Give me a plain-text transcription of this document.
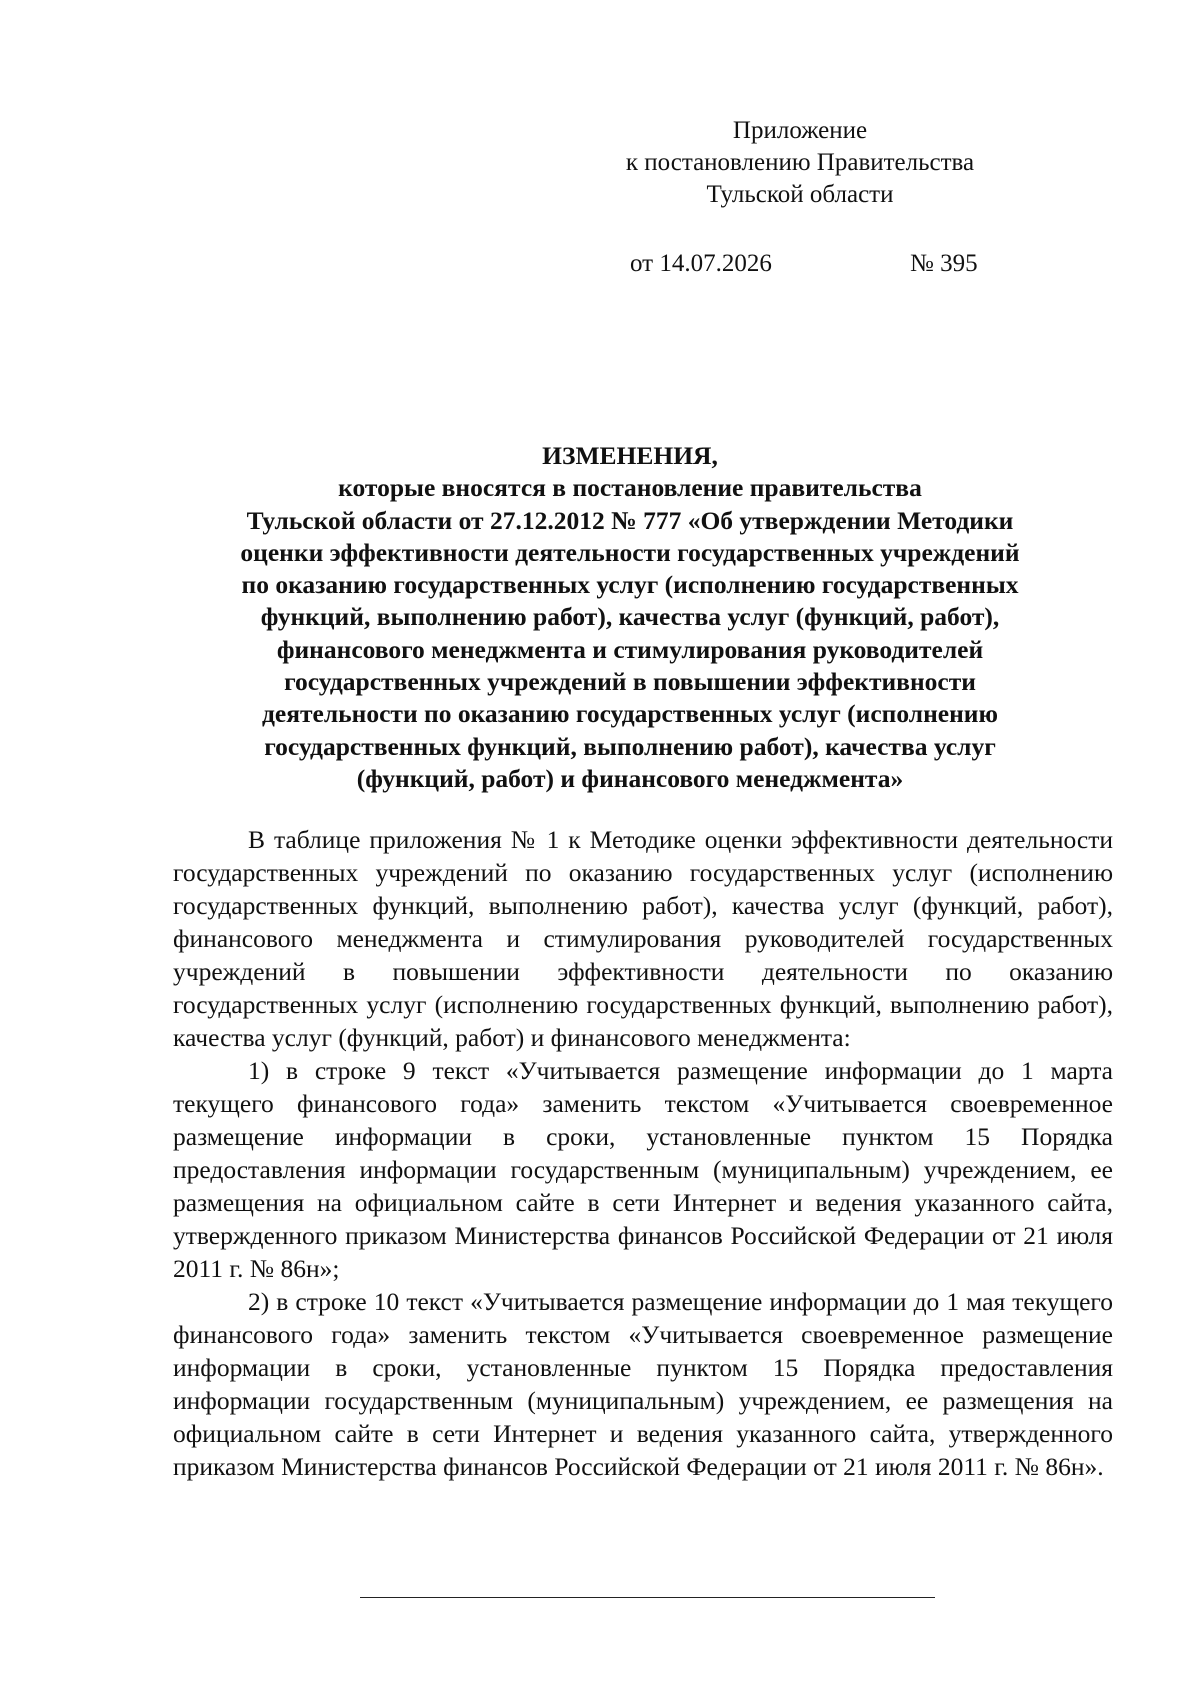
Приложение
к постановлению Правительства
Тульской области
от 14.07.2026	№ 395
ИЗМЕНЕНИЯ,
которые вносятся в постановление правительства
Тульской области от 27.12.2012 № 777 «Об утверждении Методики
оценки эффективности деятельности государственных учреждений
по оказанию государственных услуг (исполнению государственных
функций, выполнению работ), качества услуг (функций, работ),
финансового менеджмента и стимулирования руководителей
государственных учреждений в повышении эффективности
деятельности по оказанию государственных услуг (исполнению
государственных функций, выполнению работ), качества услуг
(функций, работ) и финансового менеджмента»

В таблице приложения № 1 к Методике оценки эффективности деятельности государственных учреждений по оказанию государственных услуг (исполнению государственных функций, выполнению работ), качества услуг (функций, работ), финансового менеджмента и стимулирования руководителей государственных учреждений в повышении эффективности деятельности по оказанию государственных услуг (исполнению государственных функций, выполнению работ), качества услуг (функций, работ) и финансового менеджмента:

1) в строке 9 текст «Учитывается размещение информации до 1 марта текущего финансового года» заменить текстом «Учитывается своевременное размещение информации в сроки, установленные пунктом 15 Порядка предоставления информации государственным (муниципальным) учреждением, ее размещения на официальном сайте в сети Интернет и ведения указанного сайта, утвержденного приказом Министерства финансов Российской Федерации от 21 июля 2011 г. № 86н»;

2) в строке 10 текст «Учитывается размещение информации до 1 мая текущего финансового года» заменить текстом «Учитывается своевременное размещение информации в сроки, установленные пунктом 15 Порядка предоставления информации государственным (муниципальным) учреждением, ее размещения на официальном сайте в сети Интернет и ведения указанного сайта, утвержденного приказом Министерства финансов Российской Федерации от 21 июля 2011 г. № 86н».
